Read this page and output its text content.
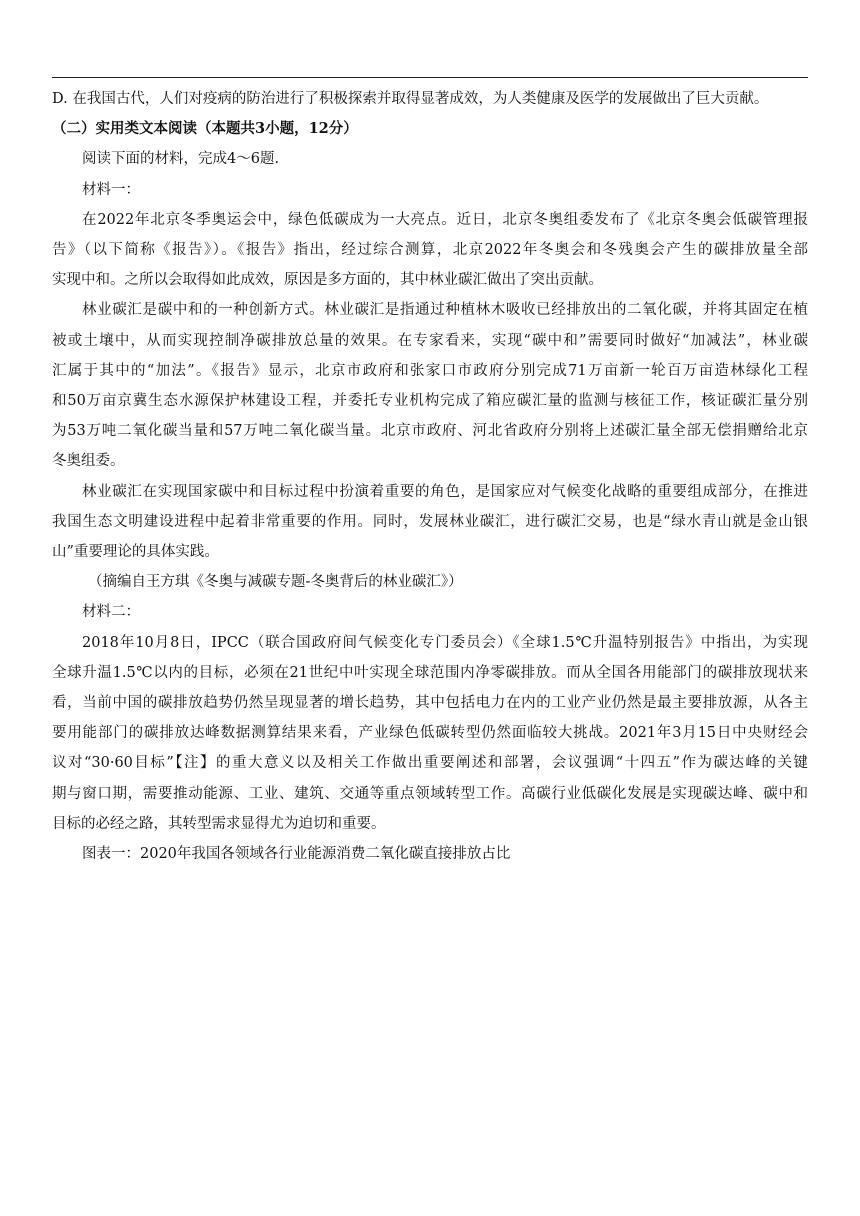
D. 在我国古代，人们对疫病的防治进行了积极探索并取得显著成效，为人类健康及医学的发展做出了巨大贡献。
（二）实用类文本阅读（本题共3小题，12分）
阅读下面的材料，完成4～6题.
材料一：
在2022年北京冬季奥运会中，绿色低碳成为一大亮点。近日，北京冬奥组委发布了《北京冬奥会低碳管理报
告》（以下简称《报告》）。《报告》指出，经过综合测算，北京2022年冬奥会和冬残奥会产生的碳排放量全部
实现中和。之所以会取得如此成效，原因是多方面的，其中林业碳汇做出了突出贡献。
林业碳汇是碳中和的一种创新方式。林业碳汇是指通过种植林木吸收已经排放出的二氧化碳，并将其固定在植
被或土壤中，从而实现控制净碳排放总量的效果。在专家看来，实现“碳中和”需要同时做好“加减法”，林业碳
汇属于其中的“加法”。《报告》显示，北京市政府和张家口市政府分别完成71万亩新一轮百万亩造林绿化工程
和50万亩京冀生态水源保护林建设工程，并委托专业机构完成了箱应碳汇量的监测与核征工作，核证碳汇量分别
为53万吨二氧化碳当量和57万吨二氧化碳当量。北京市政府、河北省政府分别将上述碳汇量全部无偿捐赠给北京
冬奥组委。
林业碳汇在实现国家碳中和目标过程中扮演着重要的角色，是国家应对气候变化战略的重要组成部分，在推进
我国生态文明建设进程中起着非常重要的作用。同时，发展林业碳汇，进行碳汇交易，也是“绿水青山就是金山银
山”重要理论的具体实践。
（摘编自王方琪《冬奥与减碳专题-冬奥背后的林业碳汇》）
材料二：
2018年10月8日，IPCC（联合国政府间气候变化专门委员会）《全球1.5℃升温特别报告》中指出，为实现
全球升温1.5℃以内的目标，必须在21世纪中叶实现全球范围内净零碳排放。而从全国各用能部门的碳排放现状来
看，当前中国的碳排放趋势仍然呈现显著的增长趋势，其中包括电力在内的工业产业仍然是最主要排放源，从各主
要用能部门的碳排放达峰数据测算结果来看，产业绿色低碳转型仍然面临较大挑战。2021年3月15日中央财经会
议对“30·60目标”【注】的重大意义以及相关工作做出重要阐述和部署，会议强调“十四五”作为碳达峰的关键
期与窗口期，需要推动能源、工业、建筑、交通等重点领域转型工作。高碳行业低碳化发展是实现碳达峰、碳中和
目标的必经之路，其转型需求显得尤为迫切和重要。
图表一：2020年我国各领域各行业能源消费二氧化碳直接排放占比
